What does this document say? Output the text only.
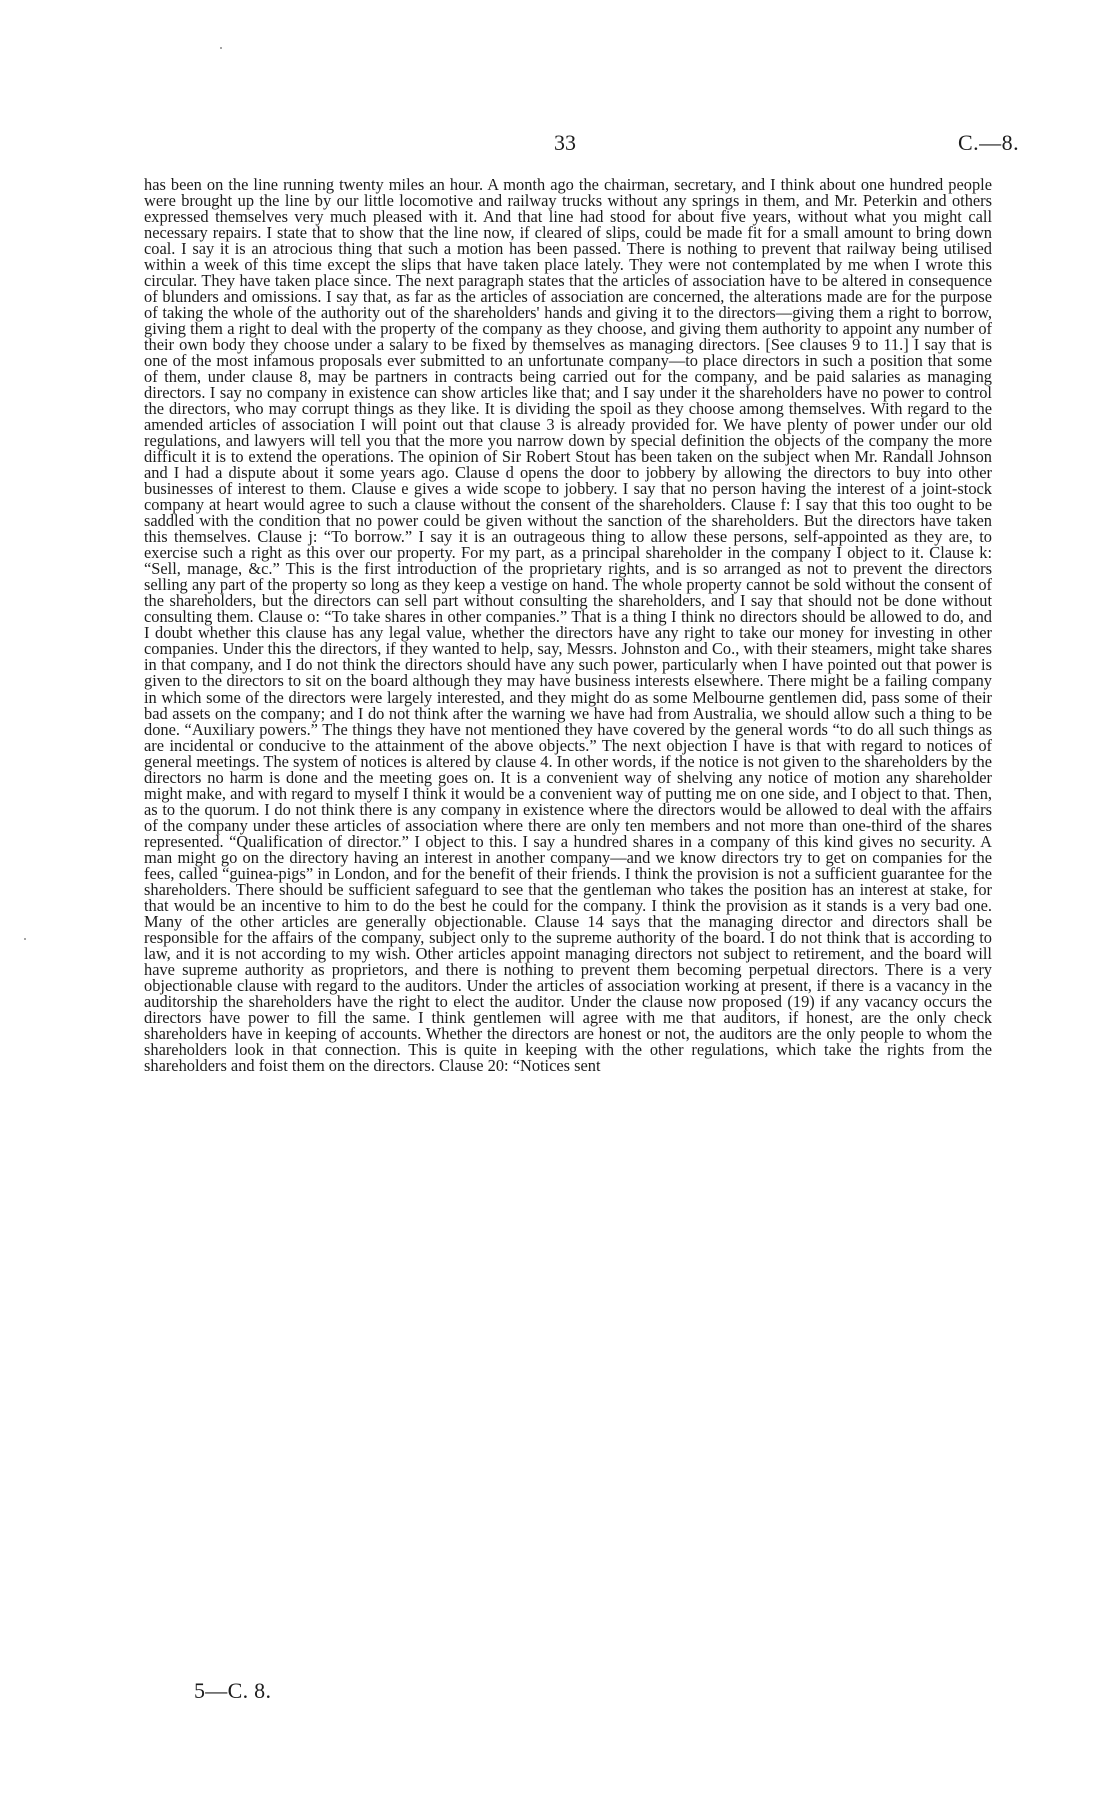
33	C.—8.

has been on the line running twenty miles an hour. A month ago the chairman, secretary, and I think about one hundred people were brought up the line by our little locomotive and railway trucks without any springs in them, and Mr. Peterkin and others expressed themselves very much pleased with it. And that line had stood for about five years, without what you might call necessary repairs. I state that to show that the line now, if cleared of slips, could be made fit for a small amount to bring down coal. I say it is an atrocious thing that such a motion has been passed. There is nothing to prevent that railway being utilised within a week of this time except the slips that have taken place lately. They were not contemplated by me when I wrote this circular. They have taken place since. The next paragraph states that the articles of association have to be altered in consequence of blunders and omissions. I say that, as far as the articles of association are concerned, the alterations made are for the purpose of taking the whole of the authority out of the shareholders' hands and giving it to the directors—giving them a right to borrow, giving them a right to deal with the property of the company as they choose, and giving them authority to appoint any number of their own body they choose under a salary to be fixed by themselves as managing directors. [See clauses 9 to 11.] I say that is one of the most infamous proposals ever submitted to an unfortunate company—to place directors in such a position that some of them, under clause 8, may be partners in contracts being carried out for the company, and be paid salaries as managing directors. I say no company in existence can show articles like that; and I say under it the shareholders have no power to control the directors, who may corrupt things as they like. It is dividing the spoil as they choose among themselves. With regard to the amended articles of association I will point out that clause 3 is already provided for. We have plenty of power under our old regulations, and lawyers will tell you that the more you narrow down by special definition the objects of the company the more difficult it is to extend the operations. The opinion of Sir Robert Stout has been taken on the subject when Mr. Randall Johnson and I had a dispute about it some years ago. Clause d opens the door to jobbery by allowing the directors to buy into other businesses of interest to them. Clause e gives a wide scope to jobbery. I say that no person having the interest of a joint-stock company at heart would agree to such a clause without the consent of the shareholders. Clause f: I say that this too ought to be saddled with the condition that no power could be given without the sanction of the shareholders. But the directors have taken this themselves. Clause j: “To borrow.” I say it is an outrageous thing to allow these persons, self-appointed as they are, to exercise such a right as this over our property. For my part, as a principal shareholder in the company I object to it. Clause k: “Sell, manage, &c.” This is the first introduction of the proprietary rights, and is so arranged as not to prevent the directors selling any part of the property so long as they keep a vestige on hand. The whole property cannot be sold without the consent of the shareholders, but the directors can sell part without consulting the shareholders, and I say that should not be done without consulting them. Clause o: “To take shares in other companies.” That is a thing I think no directors should be allowed to do, and I doubt whether this clause has any legal value, whether the directors have any right to take our money for investing in other companies. Under this the directors, if they wanted to help, say, Messrs. Johnston and Co., with their steamers, might take shares in that company, and I do not think the directors should have any such power, particularly when I have pointed out that power is given to the directors to sit on the board although they may have business interests elsewhere. There might be a failing company in which some of the directors were largely interested, and they might do as some Melbourne gentlemen did, pass some of their bad assets on the company; and I do not think after the warning we have had from Australia, we should allow such a thing to be done. “Auxiliary powers.” The things they have not mentioned they have covered by the general words “to do all such things as are incidental or conducive to the attainment of the above objects.” The next objection I have is that with regard to notices of general meetings. The system of notices is altered by clause 4. In other words, if the notice is not given to the shareholders by the directors no harm is done and the meeting goes on. It is a convenient way of shelving any notice of motion any shareholder might make, and with regard to myself I think it would be a convenient way of putting me on one side, and I object to that. Then, as to the quorum. I do not think there is any company in existence where the directors would be allowed to deal with the affairs of the company under these articles of association where there are only ten members and not more than one-third of the shares represented. “Qualification of director.” I object to this. I say a hundred shares in a company of this kind gives no security. A man might go on the directory having an interest in another company—and we know directors try to get on companies for the fees, called “guinea-pigs” in London, and for the benefit of their friends. I think the provision is not a sufficient guarantee for the shareholders. There should be sufficient safeguard to see that the gentleman who takes the position has an interest at stake, for that would be an incentive to him to do the best he could for the company. I think the provision as it stands is a very bad one. Many of the other articles are generally objectionable. Clause 14 says that the managing director and directors shall be responsible for the affairs of the company, subject only to the supreme authority of the board. I do not think that is according to law, and it is not according to my wish. Other articles appoint managing directors not subject to retirement, and the board will have supreme authority as proprietors, and there is nothing to prevent them becoming perpetual directors. There is a very objectionable clause with regard to the auditors. Under the articles of association working at present, if there is a vacancy in the auditorship the shareholders have the right to elect the auditor. Under the clause now proposed (19) if any vacancy occurs the directors have power to fill the same. I think gentlemen will agree with me that auditors, if honest, are the only check shareholders have in keeping of accounts. Whether the directors are honest or not, the auditors are the only people to whom the shareholders look in that connection. This is quite in keeping with the other regulations, which take the rights from the shareholders and foist them on the directors. Clause 20: “Notices sent

5—C. 8.
